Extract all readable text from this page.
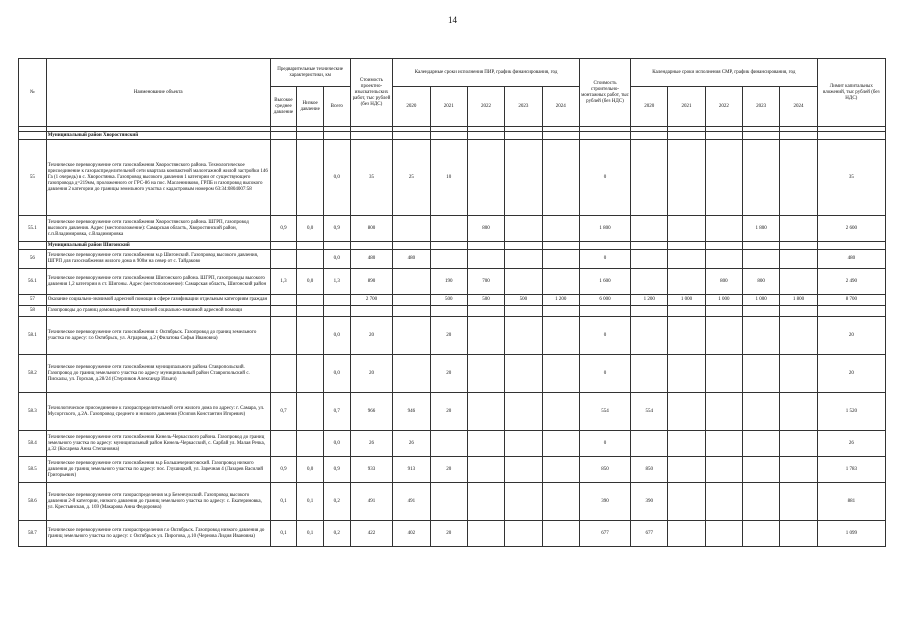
14
№	Наименование объекта	Предварительные технические характеристики, км			Стоимость проектно-изыскательских работ, тыс рублей (без НДС)	Календарные сроки исполнения ПИР, график финансирования, год					Стоимость строительно-монтажных работ, тыс рублей (без НДС)	Календарные сроки исполнения СМР, график финансирования, год					Лимит капитальных вложений, тыс рублей (без НДС)
		Высокое среднее давление	Низкое давление	Всего		2020	2021	2022	2023	2024		2020	2021	2022	2023	2024	

	Муниципальный район Хворостянский																
55	Техническое перевооружение сети газоснабжения Хворостянского района. Технологическое присоединение к газораспределительной сети квартала компактной малоэтажной жилой застройки 146 Га (1 очередь) в с. Хворостянка. Газопровод высокого давления 1 категории от существующего газопровода д=219мм, проложенного от ГРС-86 на пос. Масленниково, ГРПБ и газопровод высокого давления 2 категории до границы земельного участка с кадастровым номером 63:34:0804007:58			0,0	35	25	10				0						35
55.1	Техническое перевооружение сети газоснабжения Хворостянского района. ШГРП, газопровод высокого давления. Адрес (местоположение): Самарская область, Хворостянский район, с.п.Владимировка, с.Владимировка	0,9	0,0	0,9	800			800			1 800				1 800		2 600
	Муниципальный район Шигонский																
56	Техническое перевооружение сети газоснабжения м.р Шигонский. Газопровод высокого давления, ШГРП для газоснабжения жилого дома в 900м на север от с. Тайдаково			0,0	480	480					0						480
56.1	Техническое перевооружение сети газоснабжения Шигонского района. ШГРП, газопроводы высокого давления 1,2 категории в ст. Шигоны. Адрес (местоположение): Самарская область, Шигонский район	1,3	0,0	1,3	890		190	700			1 600			800	800		2 490
57	Оказание социально-значимой адресной помощи в сфере газификации отдельным категориям граждан				2 700		500	500	500	1 200	6 000	1 200	1 000	1 000	1 000	1 800	8 700
58	Газопроводы до границ домовладений получателей социально-значимой адресной помощи																
58.1	Техническое перевооружение сети газоснабжения г. Октябрьск. Газопровод до границ земельного участка по адресу: г.о Октябрьск, ул. Аграрная, д.2 (Филатова Софья Ивановна)			0,0	20		20				0						20
58.2	Техническое перевооружение сети газоснабжения муниципального района Ставропольский. Газопровод до границ земельного участка по адресу муниципальный район Ставропольский с. Пискалы, ул. Горская, д.28/24 (Стерликов Александр Ильич)			0,0	20		20				0						20
58.3	Технологическое присоединение к газораспределительной сети жилого дома по адресу: г. Самара, ул. Мусоргского, д.2А. Газопровод среднего и низкого давления (Осипов Константин Игоревич)	0,7		0,7	966	946	20				554	554					1 520
58.4	Техническое перевооружение сети газоснабжения Кинель-Черкасского района. Газопровод до границ земельного участка по адресу: муниципальный район Кинель-Черкасский, с. Сарбай ул. Малая Речка, д.32 (Косарева Анна Степановна)			0,0	26	26					0						26
58.5	Техническое перевооружение сети газоснабжения м.р Большечерниговский. Газопровод низкого давления до границ земельного участка по адресу: пос. Глушицкий, ул. Заречная 4 (Лазарев Василий Григорьевич)	0,9	0,0	0,9	933	913	20				850	850					1 783
58.6	Техническое перевооружение сети газораспределения м.р Безенчукский. Газопровод высокого давления 2-й категории, низкого давления до границ земельного участка по адресу: с. Екатериновка, ул. Крестьянская, д. 169 (Макарова Анна Федоровна)	0,1	0,1	0,2	491	491					390	390					881
58.7	Техническое перевооружение сети газораспределения г.о Октябрьск. Газопровод низкого давления до границ земельного участка по адресу: г. Октябрьск ул. Пирогова, д.10 (Чернова Лидия Ивановна)	0,1	0,1	0,2	422	402	20				677	677					1 099
